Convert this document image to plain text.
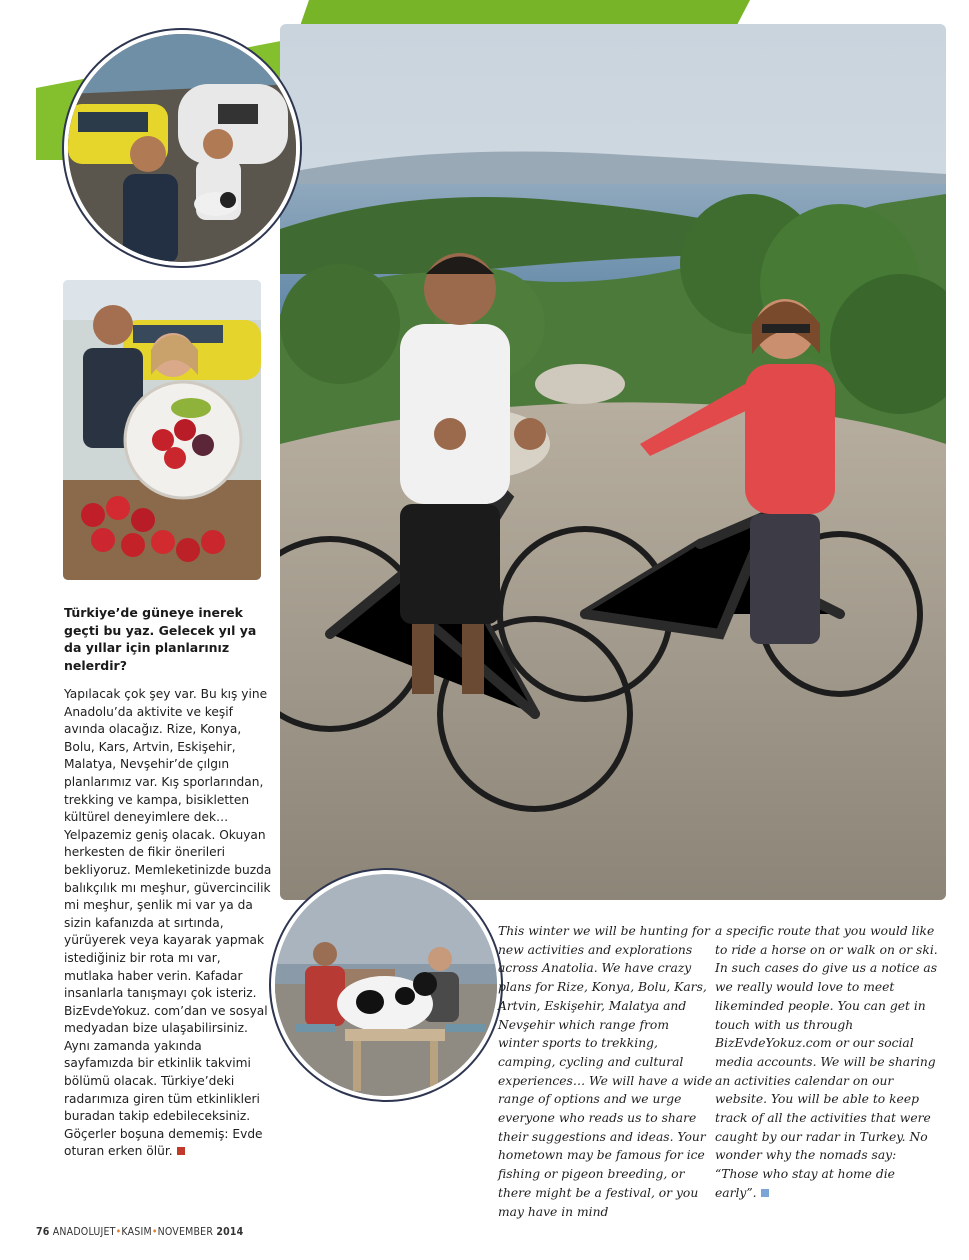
Türkiye’de güneye inerek geçti bu yaz. Gelecek yıl ya da yıllar için planlarınız nelerdir?

Yapılacak çok şey var. Bu kış yine Anadolu’da aktivite ve keşif avında olacağız. Rize, Konya, Bolu, Kars, Artvin, Eskişehir, Malatya, Nevşehir’de çılgın planlarımız var. Kış sporlarından, trekking ve kampa, bisikletten kültürel deneyimlere dek… Yelpazemiz geniş olacak. Okuyan herkesten de fikir önerileri bekliyoruz. Memleketinizde buzda balıkçılık mı meşhur, güvercincilik mi meşhur, şenlik mi var ya da sizin kafanızda at sırtında, yürüyerek veya kayarak yapmak istediğiniz bir rota mı var, mutlaka haber verin. Kafadar insanlarla tanışmayı çok isteriz. BizEvdeYokuz. com’dan ve sosyal medyadan bize ulaşabilirsiniz. Aynı zamanda yakında sayfamızda bir etkinlik takvimi bölümü olacak. Türkiye’deki radarımıza giren tüm etkinlikleri buradan takip edebileceksiniz. Göçerler boşuna dememiş: Evde oturan erken ölür.

This winter we will be hunting for new activities and explorations across Anatolia. We have crazy plans for Rize, Konya, Bolu, Kars, Artvin, Eskişehir, Malatya and Nevşehir which range from winter sports to trekking, camping, cycling and cultural experiences… We will have a wide range of options and we urge everyone who reads us to share their suggestions and ideas. Your hometown may be famous for ice fishing or pigeon breeding, or there might be a festival, or you may have in mind

a specific route that you would like to ride a horse on or walk on or ski. In such cases do give us a notice as we really would love to meet likeminded people. You can get in touch with us through BizEvdeYokuz.com or our social media accounts. We will be sharing an activities calendar on our website. You will be able to keep track of all the activities that were caught by our radar in Turkey. No wonder why the nomads say: “Those who stay at home die early”.

76 ANADOLUJET•KASIM•NOVEMBER 2014
